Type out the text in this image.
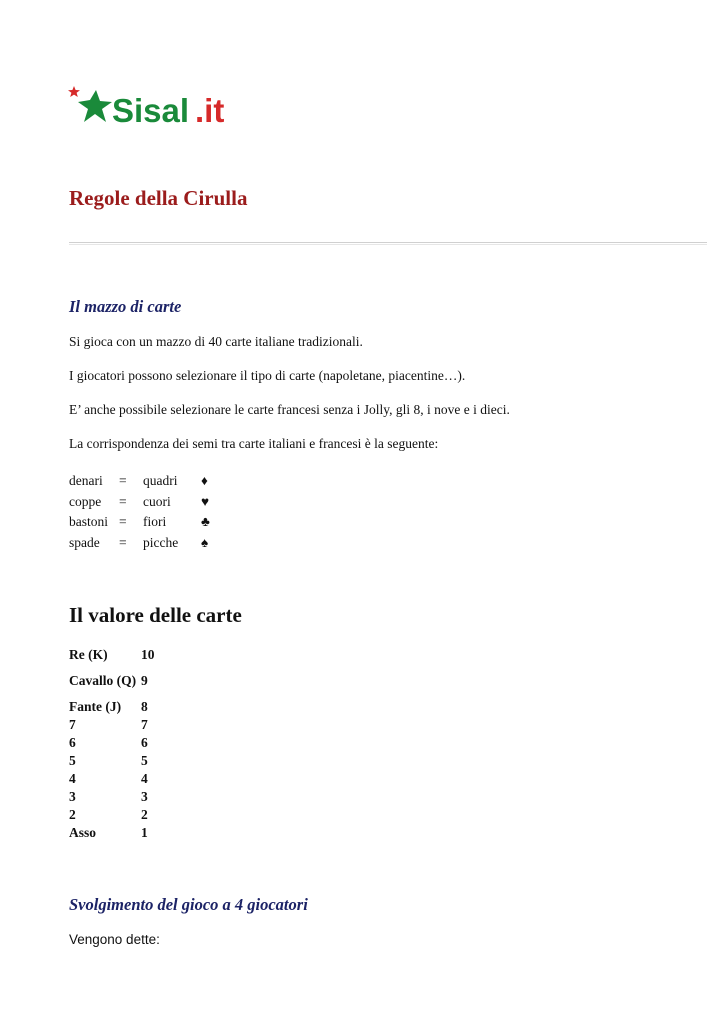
Sisal .it
Regole della Cirulla
Il mazzo di carte

Si gioca con un mazzo di 40 carte italiane tradizionali.

I giocatori possono selezionare il tipo di carte (napoletane, piacentine…).

E’ anche possibile selezionare le carte francesi senza i Jolly, gli 8, i nove e i dieci.

La corrispondenza dei semi tra carte italiani e francesi è la seguente:

denari	=	quadri	♦
coppe	=	cuori	♥
bastoni	=	fiori	♣
spade	=	picche	♠
Il valore delle carte
Re (K)	10
Cavallo (Q)	9
Fante (J)	8
7	7
6	6
5	5
4	4
3	3
2	2
Asso	1
Svolgimento del gioco a 4 giocatori

Vengono dette:
